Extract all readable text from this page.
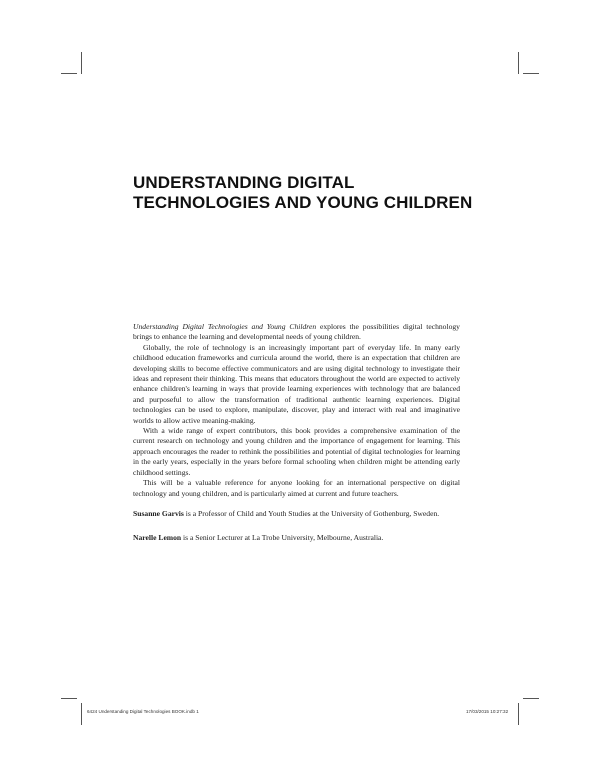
UNDERSTANDING DIGITAL
TECHNOLOGIES AND YOUNG CHILDREN

Understanding Digital Technologies and Young Children explores the possibilities digital technology brings to enhance the learning and developmental needs of young children.

Globally, the role of technology is an increasingly important part of everyday life. In many early childhood education frameworks and curricula around the world, there is an expectation that children are developing skills to become effective communicators and are using digital technology to investigate their ideas and represent their thinking. This means that educators throughout the world are expected to actively enhance children's learning in ways that provide learning experiences with technology that are balanced and purposeful to allow the transformation of traditional authentic learning experiences. Digital technologies can be used to explore, manipulate, discover, play and interact with real and imaginative worlds to allow active meaning-making.

With a wide range of expert contributors, this book provides a comprehensive examination of the current research on technology and young children and the importance of engagement for learning. This approach encourages the reader to rethink the possibilities and potential of digital technologies for learning in the early years, especially in the years before formal schooling when children might be attending early childhood settings.

This will be a valuable reference for anyone looking for an international perspective on digital technology and young children, and is particularly aimed at current and future teachers.

Susanne Garvis is a Professor of Child and Youth Studies at the University of Gothenburg, Sweden.

Narelle Lemon is a Senior Lecturer at La Trobe University, Melbourne, Australia.

6424 Understanding Digital Technologies BOOK.indb 1	17/03/2015 10:27:32
